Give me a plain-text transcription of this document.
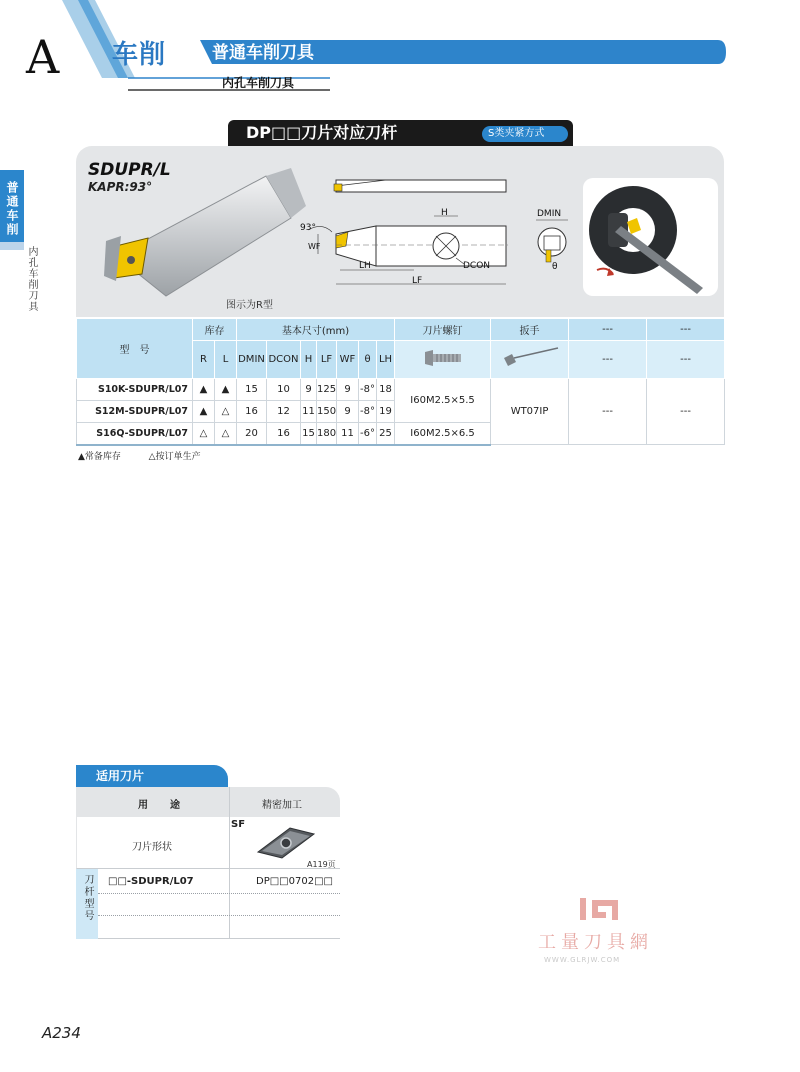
A 车削	普通车削刀具
内孔车削刀具
普通车削
内孔车削刀具
DP□□刀片对应刀杆	S类夹紧方式
SDUPR/L
KAPR:93°
图示为R型
93°
WF
H
LH
LF
DCON
DMIN
θ
型　号	库存		基本尺寸(mm)							刀片螺钉	扳手	---	---
	R	L	DMIN	DCON	H	LF	WF	θ	LH			---	---
S10K-SDUPR/L07	▲	▲	15	10	9	125	9	-8°	18	I60M2.5×5.5	WT07IP	---	---
S12M-SDUPR/L07	▲	△	16	12	11	150	9	-8°	19				
S16Q-SDUPR/L07	△	△	20	16	15	180	11	-6°	25	I60M2.5×6.5			
▲常备库存	△按订单生产
适用刀片
用　途	精密加工
刀片形状
SF
A119页
刀杆型号 □□-SDUPR/L07	DP□□0702□□
工量刀具網
WWW.GLRJW.COM
A234
